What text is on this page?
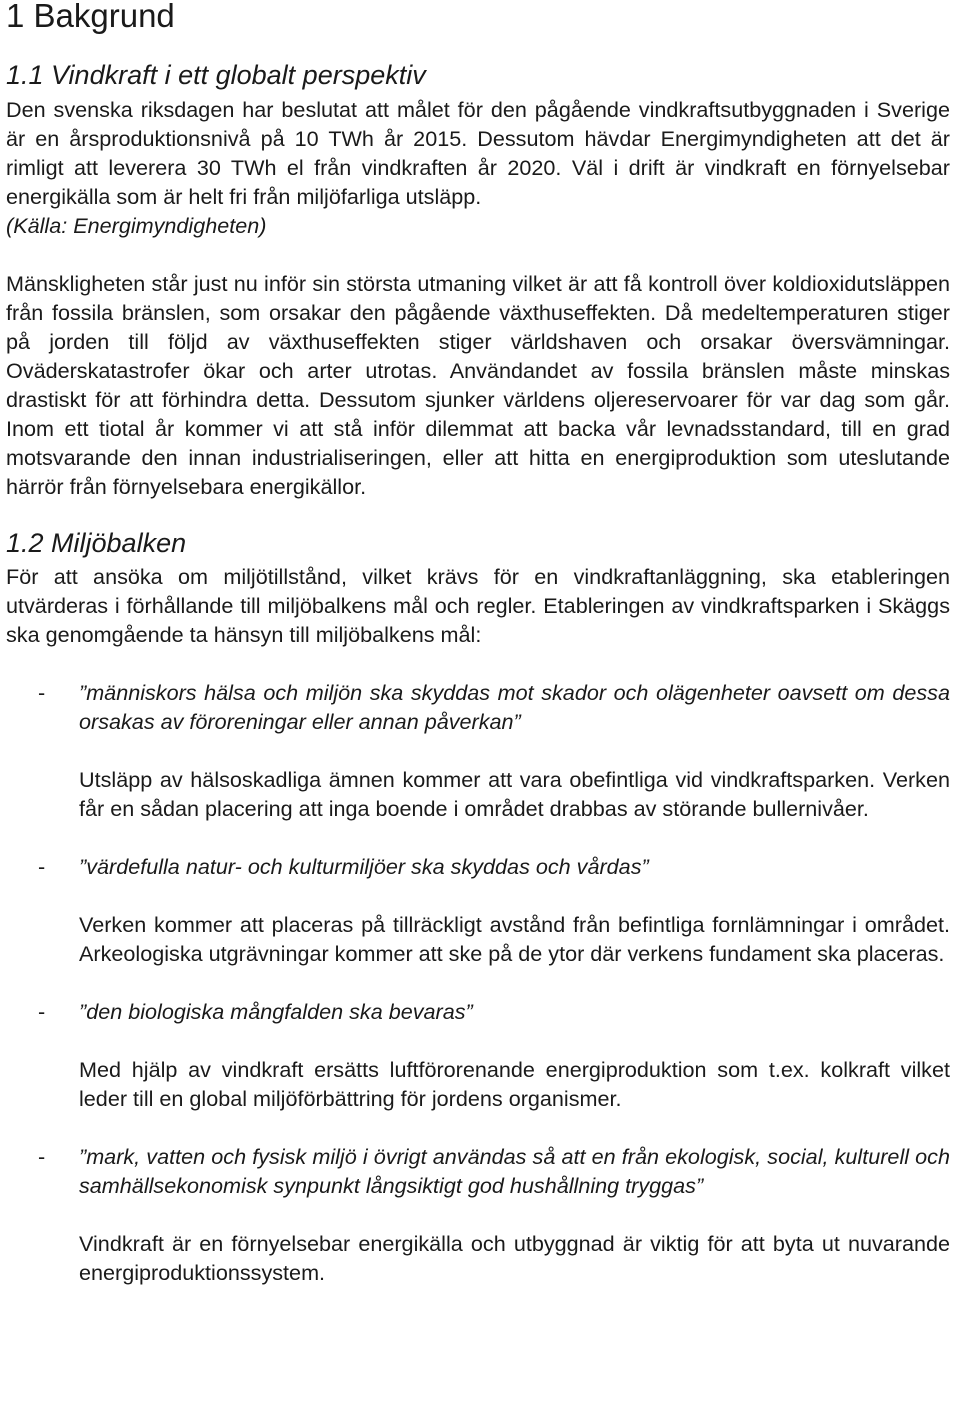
1 Bakgrund
1.1 Vindkraft i ett globalt perspektiv

Den svenska riksdagen har beslutat att målet för den pågående vindkraftsutbyggnaden i Sverige är en årsproduktionsnivå på 10 TWh år 2015. Dessutom hävdar Energimyndigheten att det är rimligt att leverera 30 TWh el från vindkraften år 2020. Väl i drift är vindkraft en förnyelsebar energikälla som är helt fri från miljöfarliga utsläpp.

(Källa: Energimyndigheten)

Mänskligheten står just nu inför sin största utmaning vilket är att få kontroll över koldioxidutsläppen från fossila bränslen, som orsakar den pågående växthuseffekten. Då medeltemperaturen stiger på jorden till följd av växthuseffekten stiger världshaven och orsakar översvämningar. Oväderskatastrofer ökar och arter utrotas. Användandet av fossila bränslen måste minskas drastiskt för att förhindra detta. Dessutom sjunker världens oljereservoarer för var dag som går. Inom ett tiotal år kommer vi att stå inför dilemmat att backa vår levnadsstandard, till en grad motsvarande den innan industrialiseringen, eller att hitta en energiproduktion som uteslutande härrör från förnyelsebara energikällor.

1.2 Miljöbalken

För att ansöka om miljötillstånd, vilket krävs för en vindkraftanläggning, ska etableringen utvärderas i förhållande till miljöbalkens mål och regler. Etableringen av vindkraftsparken i Skäggs ska genomgående ta hänsyn till miljöbalkens mål:

- ”människors hälsa och miljön ska skyddas mot skador och olägenheter oavsett om dessa orsakas av föroreningar eller annan påverkan”

Utsläpp av hälsoskadliga ämnen kommer att vara obefintliga vid vindkraftsparken. Verken får en sådan placering att inga boende i området drabbas av störande bullernivåer.

- ”värdefulla natur- och kulturmiljöer ska skyddas och vårdas”

Verken kommer att placeras på tillräckligt avstånd från befintliga fornlämningar i området. Arkeologiska utgrävningar kommer att ske på de ytor där verkens fundament ska placeras.

- ”den biologiska mångfalden ska bevaras”

Med hjälp av vindkraft ersätts luftförorenande energiproduktion som t.ex. kolkraft vilket leder till en global miljöförbättring för jordens organismer.

- ”mark, vatten och fysisk miljö i övrigt användas så att en från ekologisk, social, kulturell och samhällsekonomisk synpunkt långsiktigt god hushållning tryggas”

Vindkraft är en förnyelsebar energikälla och utbyggnad är viktig för att byta ut nuvarande energiproduktionssystem.
